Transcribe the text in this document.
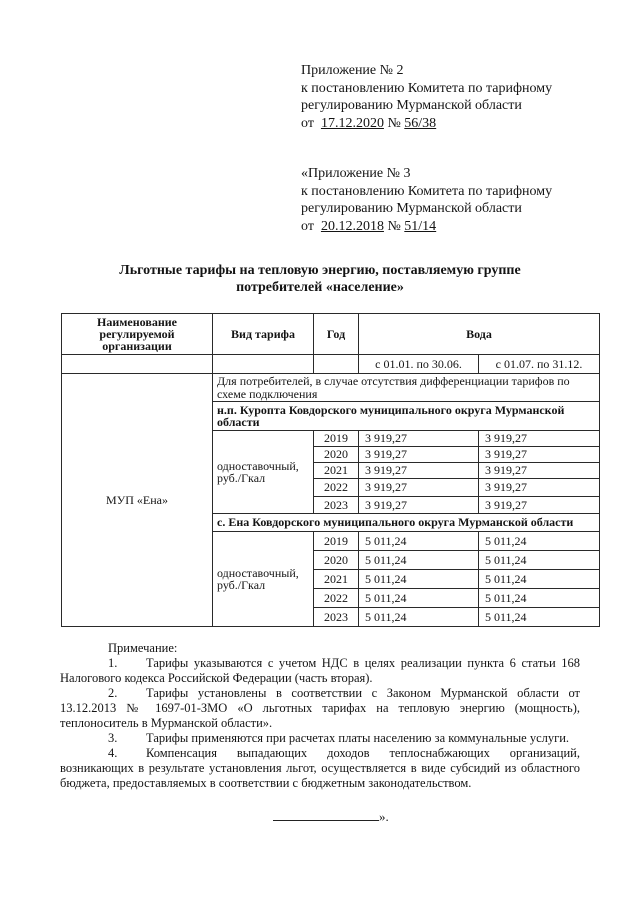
Приложение № 2
к постановлению Комитета по тарифному
регулированию Мурманской области
от 17.12.2020 № 56/38
«Приложение № 3
к постановлению Комитета по тарифному
регулированию Мурманской области
от 20.12.2018 № 51/14
Льготные тарифы на тепловую энергию, поставляемую группе
потребителей «население»
Наименование регулируемой организации	Вид тарифа	Год	Вода	
			с 01.01. по 30.06.	с 01.07. по 31.12.
МУП «Ена»	Для потребителей, в случае отсутствия дифференциации тарифов по схеме подключения			
	н.п. Куропта Ковдорского муниципального округа Мурманской области			
	одноставочный, руб./Гкал	2019	3 919,27	3 919,27
		2020	3 919,27	3 919,27
		2021	3 919,27	3 919,27
		2022	3 919,27	3 919,27
		2023	3 919,27	3 919,27
	с. Ена Ковдорского муниципального округа Мурманской области			
	одноставочный, руб./Гкал	2019	5 011,24	5 011,24
		2020	5 011,24	5 011,24
		2021	5 011,24	5 011,24
		2022	5 011,24	5 011,24
		2023	5 011,24	5 011,24
Примечание:
1. Тарифы указываются с учетом НДС в целях реализации пункта 6 статьи 168 Налогового кодекса Российской Федерации (часть вторая).
2. Тарифы установлены в соответствии с Законом Мурманской области от 13.12.2013 № 1697-01-ЗМО «О льготных тарифах на тепловую энергию (мощность), теплоноситель в Мурманской области».
3. Тарифы применяются при расчетах платы населению за коммунальные услуги.
4. Компенсация выпадающих доходов теплоснабжающих организаций, возникающих в результате установления льгот, осуществляется в виде субсидий из областного бюджета, предоставляемых в соответствии с бюджетным законодательством.
».
